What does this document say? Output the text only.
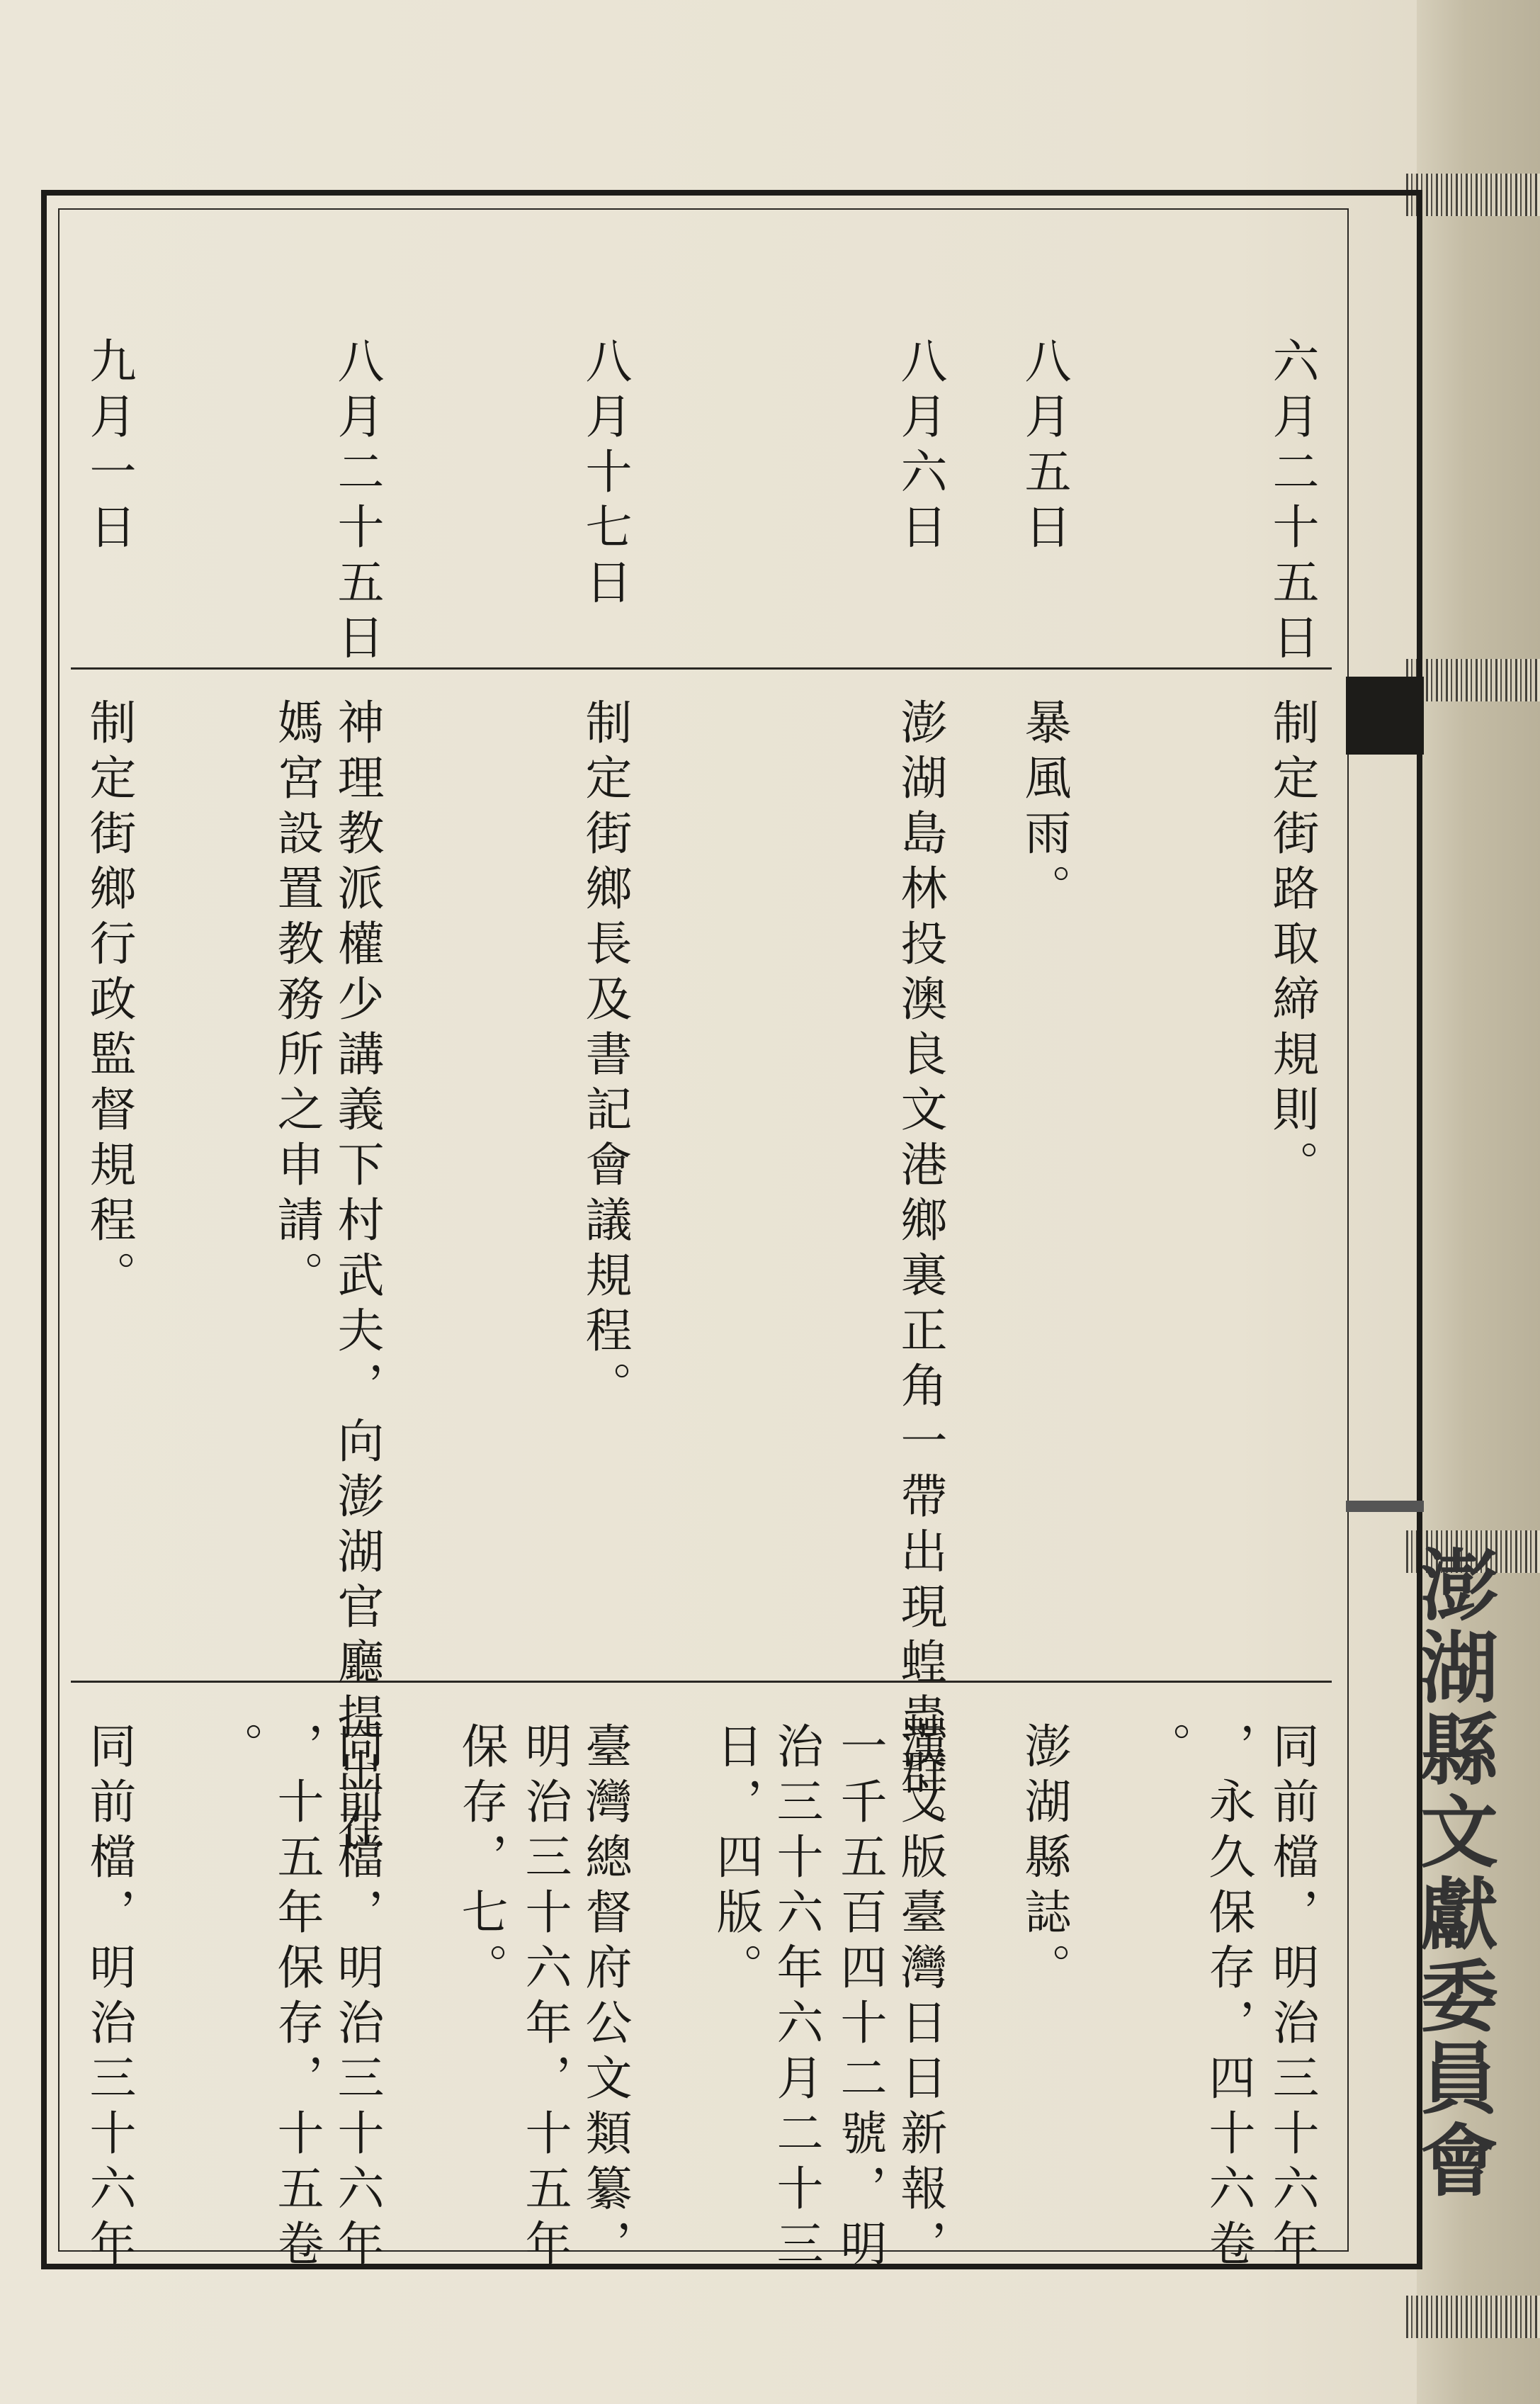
澎湖縣文獻委員會
六月二十五日
制定街路取締規則。
同前檔，明治三十六年
，永久保存，四十六卷
。
八月五日
暴風雨。
澎湖縣誌。
八月六日
澎湖島林投澳良文港鄉裏正角一帶出現蝗蟲群。
漢文版臺灣日日新報，
一千五百四十二號，明
治三十六年六月二十三
日，四版。
八月十七日
制定街鄉長及書記會議規程。
臺灣總督府公文類纂，
明治三十六年，十五年
保存，七。
八月二十五日
神理教派權少講義下村武夫，向澎湖官廳提出在
媽宮設置教務所之申請。
同前檔，明治三十六年
，十五年保存，十五卷
。
九月一日
制定街鄉行政監督規程。
同前檔，明治三十六年
